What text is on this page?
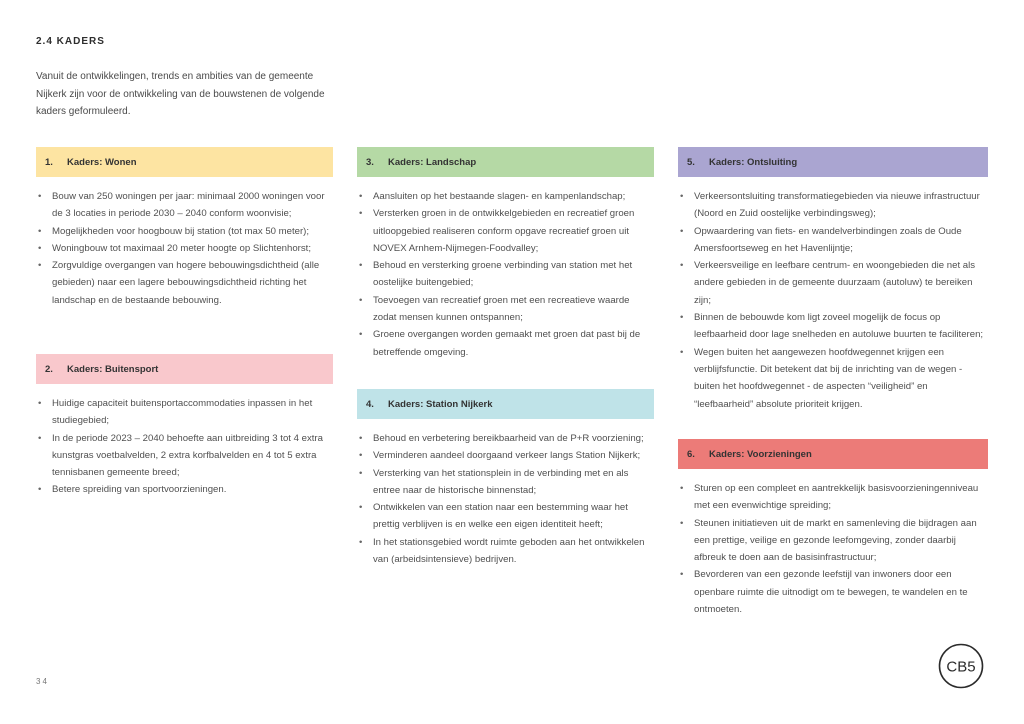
2.4 KADERS
Vanuit de ontwikkelingen, trends en ambities van de gemeente Nijkerk zijn voor de ontwikkeling van de bouwstenen de volgende kaders geformuleerd.
1.	Kaders: Wonen
• Bouw van 250 woningen per jaar: minimaal 2000 woningen voor de 3 locaties in periode 2030 – 2040 conform woonvisie;
• Mogelijkheden voor hoogbouw bij station (tot max 50 meter);
• Woningbouw tot maximaal 20 meter hoogte op Slichtenhorst;
• Zorgvuldige overgangen van hogere bebouwingsdichtheid (alle gebieden) naar een lagere bebouwingsdichtheid richting het landschap en de bestaande bebouwing.
2.	Kaders: Buitensport
• Huidige capaciteit buitensportaccommodaties inpassen in het studiegebied;
• In de periode 2023 – 2040 behoefte aan uitbreiding 3 tot 4 extra kunstgras voetbalvelden, 2 extra korfbalvelden en 4 tot 5 extra tennisbanen gemeente breed;
• Betere spreiding van sportvoorzieningen.
3.	Kaders: Landschap
• Aansluiten op het bestaande slagen- en kampenlandschap;
• Versterken groen in de ontwikkelgebieden en recreatief groen uitloopgebied realiseren conform opgave recreatief groen uit NOVEX Arnhem-Nijmegen-Foodvalley;
• Behoud en versterking groene verbinding van station met het oostelijke buitengebied;
• Toevoegen van recreatief groen met een recreatieve waarde zodat mensen kunnen ontspannen;
• Groene overgangen worden gemaakt met groen dat past bij de betreffende omgeving.
4.	Kaders: Station Nijkerk
• Behoud en verbetering bereikbaarheid van de P+R voorziening;
• Verminderen aandeel doorgaand verkeer langs Station Nijkerk;
• Versterking van het stationsplein in de verbinding met en als entree naar de historische binnenstad;
• Ontwikkelen van een station naar een bestemming waar het prettig verblijven is en welke een eigen identiteit heeft;
• In het stationsgebied wordt ruimte geboden aan het ontwikkelen van (arbeidsintensieve) bedrijven.
5.	Kaders: Ontsluiting
• Verkeersontsluiting transformatiegebieden via nieuwe infrastructuur (Noord en Zuid oostelijke verbindingsweg);
• Opwaardering van fiets- en wandelverbindingen zoals de Oude Amersfoortseweg en het Havenlijntje;
• Verkeersveilige en leefbare centrum- en woongebieden die net als andere gebieden in de gemeente duurzaam (autoluw) te bereiken zijn;
• Binnen de bebouwde kom ligt zoveel mogelijk de focus op leefbaarheid door lage snelheden en autoluwe buurten te faciliteren;
• Wegen buiten het aangewezen hoofdwegennet krijgen een verblijfsfunctie. Dit betekent dat bij de inrichting van de wegen - buiten het hoofdwegennet - de aspecten “veiligheid” en “leefbaarheid” absolute prioriteit krijgen.
6.	Kaders: Voorzieningen
• Sturen op een compleet en aantrekkelijk basisvoorzieningenniveau met een evenwichtige spreiding;
• Steunen initiatieven uit de markt en samenleving die bijdragen aan een prettige, veilige en gezonde leefomgeving, zonder daarbij afbreuk te doen aan de basisinfrastructuur;
• Bevorderen van een gezonde leefstijl van inwoners door een openbare ruimte die uitnodigt om te bewegen, te wandelen en te ontmoeten.
34
CB5
